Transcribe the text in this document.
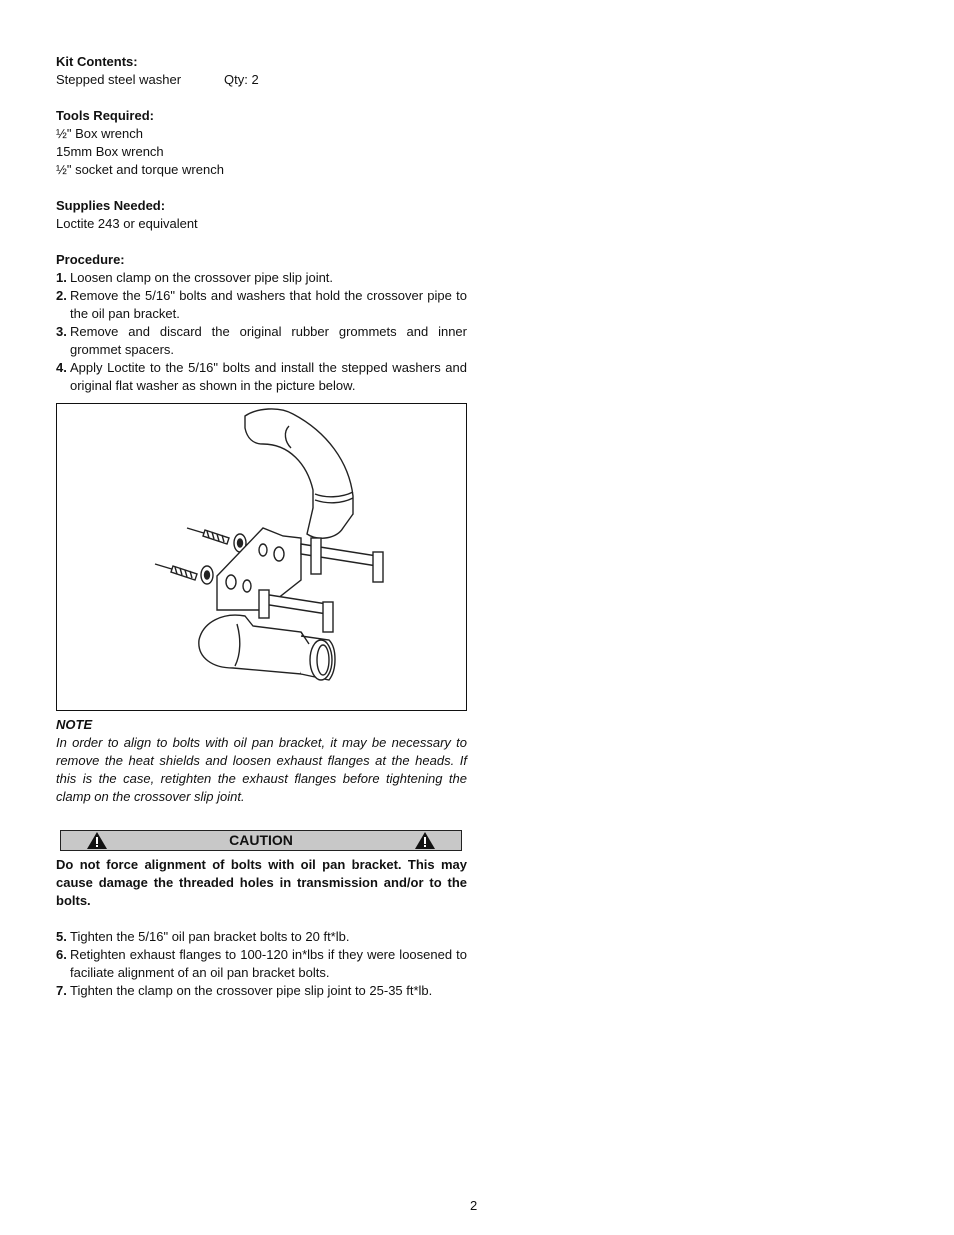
Kit Contents:
Stepped steel washer	Qty: 2
Tools Required:
½" Box wrench
15mm Box wrench
½" socket and torque wrench
Supplies Needed:
Loctite 243 or equivalent
Procedure:
1. Loosen clamp on the crossover pipe slip joint.
2. Remove the 5/16" bolts and washers that hold the crossover pipe to the oil pan bracket.
3. Remove and discard the original rubber grommets and inner grommet spacers.
4. Apply Loctite to the 5/16" bolts and install the stepped washers and original flat washer as shown in the picture below.
NOTE
In order to align to bolts with oil pan bracket, it may be necessary to remove the heat shields and loosen exhaust flanges at the heads. If this is the case, retighten the exhaust flanges before tightening the clamp on the crossover slip joint.
CAUTION
Do not force alignment of bolts with oil pan bracket. This may cause damage the threaded holes in transmission and/or to the bolts.
5. Tighten the 5/16" oil pan bracket bolts to 20 ft*lb.
6. Retighten exhaust flanges to 100-120 in*lbs if they were loosened to faciliate alignment of an oil pan bracket bolts.
7. Tighten the clamp on the crossover pipe slip joint to 25-35 ft*lb.
2
